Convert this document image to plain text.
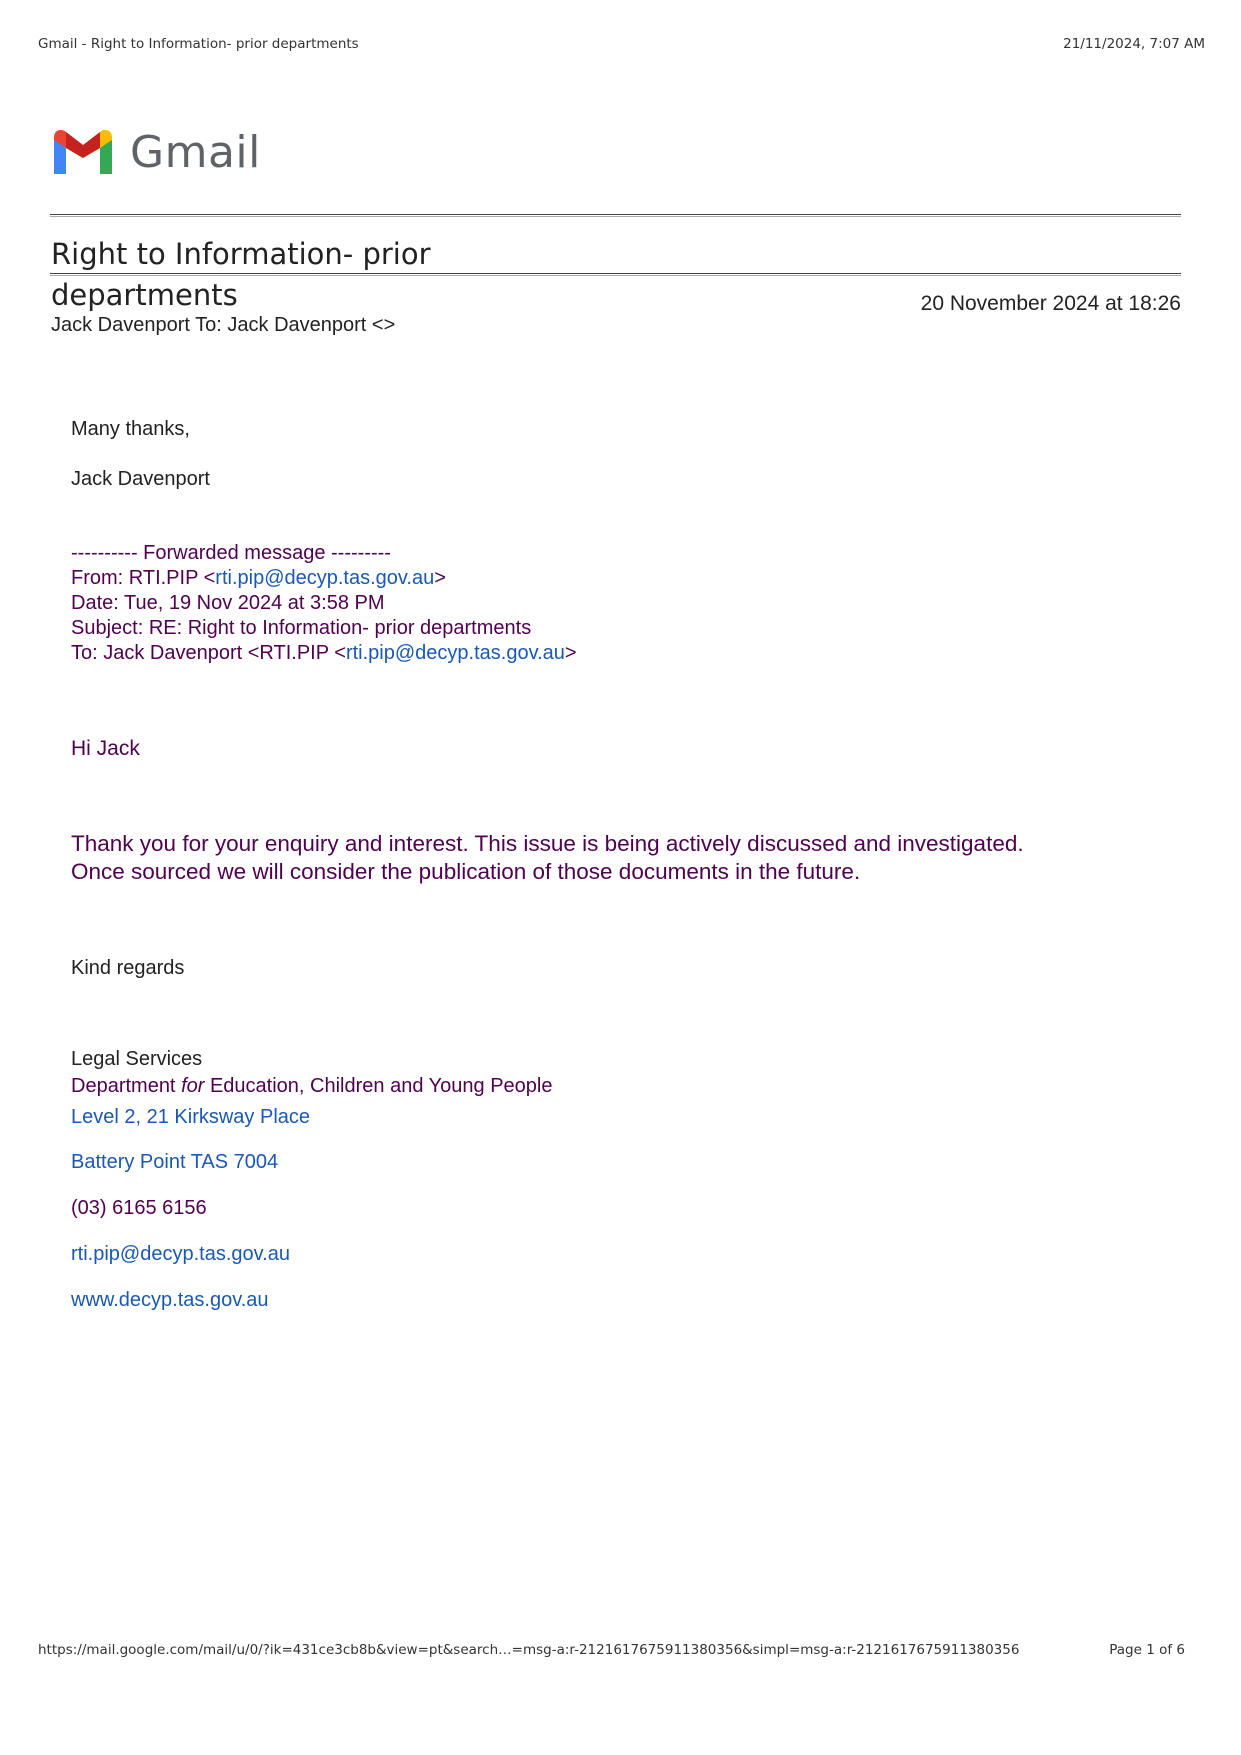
Gmail - Right to Information- prior departments	21/11/2024, 7:07 AM
Gmail
Right to Information- prior departments	20 November 2024 at 18:26
Jack Davenport To: Jack Davenport <>
Many thanks,
Jack Davenport
---------- Forwarded message ---------
From: RTI.PIP <rti.pip@decyp.tas.gov.au>
Date: Tue, 19 Nov 2024 at 3:58 PM
Subject: RE: Right to Information- prior departments
To: Jack Davenport <RTI.PIP <rti.pip@decyp.tas.gov.au>
Hi Jack
Thank you for your enquiry and interest. This issue is being actively discussed and investigated.
Once sourced we will consider the publication of those documents in the future.
Kind regards
Legal Services
Department for Education, Children and Young People
Level 2, 21 Kirksway Place
Battery Point TAS 7004
(03) 6165 6156
rti.pip@decyp.tas.gov.au
www.decyp.tas.gov.au
https://mail.google.com/mail/u/0/?ik=431ce3cb8b&view=pt&search…=msg-a:r-2121617675911380356&simpl=msg-a:r-2121617675911380356	Page 1 of 6
